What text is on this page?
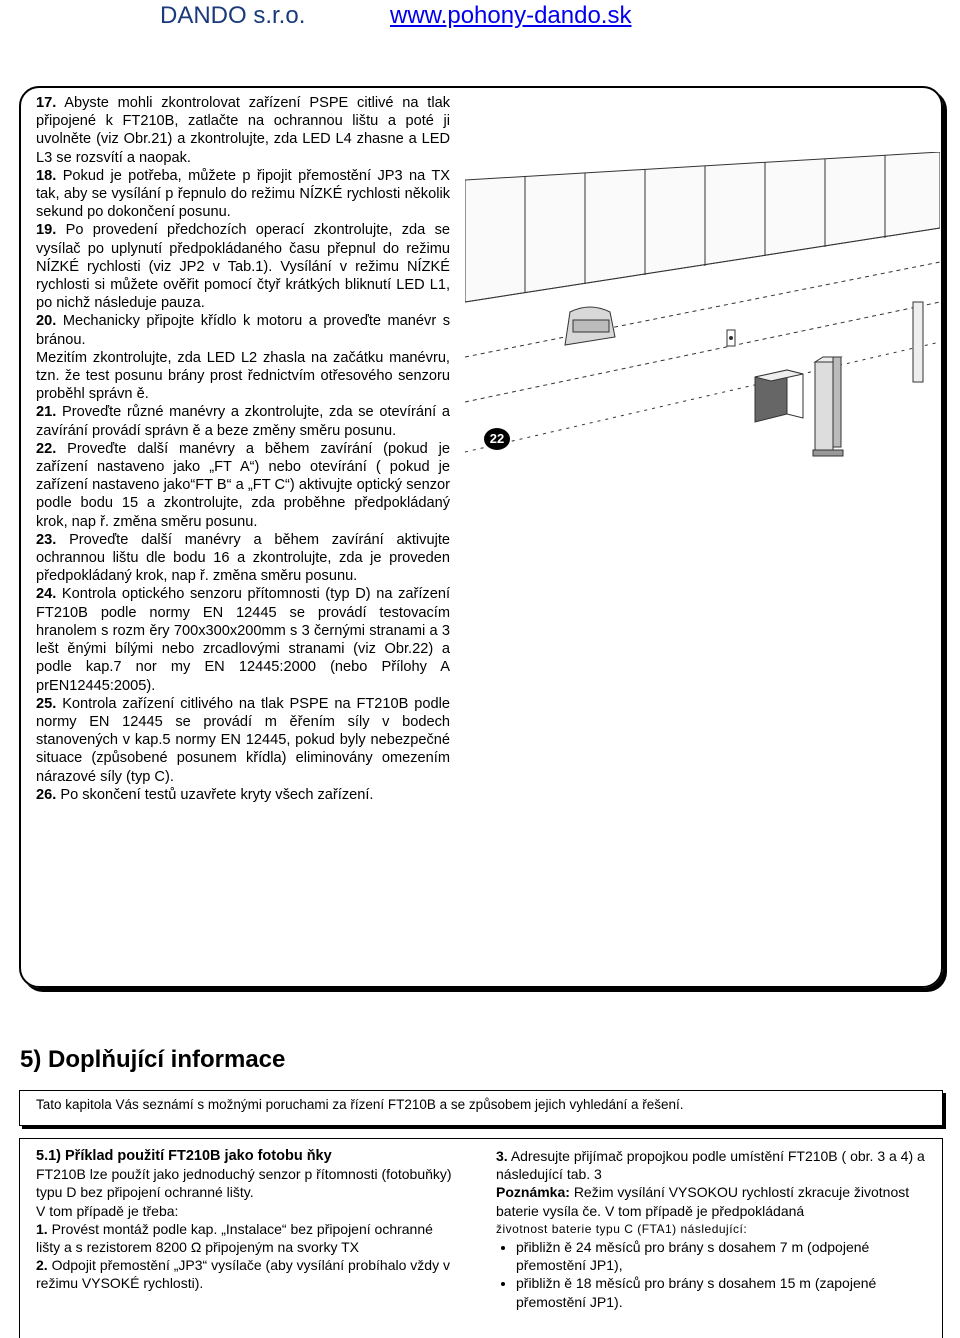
DANDO s.r.o.	www.pohony-dando.sk

17. Abyste mohli zkontrolovat zařízení PSPE citlivé na tlak připojené k FT210B, zatlačte na ochrannou lištu a poté ji uvolněte (viz Obr.21) a zkontrolujte, zda LED L4 zhasne a LED L3 se rozsvítí a naopak.

18. Pokud je potřeba, můžete p řipojit přemostění JP3 na TX tak, aby se vysílání p řepnulo do režimu NÍZKÉ rychlosti několik sekund po dokončení posunu.

19. Po provedení předchozích operací zkontrolujte, zda se vysílač po uplynutí předpokládaného času přepnul do režimu NÍZKÉ rychlosti (viz JP2 v Tab.1). Vysílání v režimu NÍZKÉ rychlosti si můžete ověřit pomocí čtyř krátkých bliknutí LED L1, po nichž následuje pauza.

20. Mechanicky připojte křídlo k motoru a proveďte manévr s bránou.

Mezitím zkontrolujte, zda LED L2 zhasla na začátku manévru, tzn. že test posunu brány prost řednictvím otřesového senzoru proběhl správn ě.

21. Proveďte různé manévry a zkontrolujte, zda se otevírání a zavírání provádí správn ě a beze změny směru posunu.

22. Proveďte další manévry a během zavírání (pokud je zařízení nastaveno jako „FT A“) nebo otevírání ( pokud je zařízení nastaveno jako“FT B“ a „FT C“) aktivujte optický senzor podle bodu 15 a zkontrolujte, zda proběhne předpokládaný krok, nap ř. změna směru posunu.

23. Proveďte další manévry a během zavírání aktivujte ochrannou lištu dle bodu 16 a zkontrolujte, zda je proveden předpokládaný krok, nap ř. změna směru posunu.

24. Kontrola optického senzoru přítomnosti (typ D) na zařízení FT210B podle normy EN 12445 se provádí testovacím hranolem s rozm ěry 700x300x200mm s 3 černými stranami a 3 lešt ěnými bílými nebo zrcadlovými stranami (viz Obr.22) a podle kap.7 nor my EN 12445:2000 (nebo Přílohy A prEN12445:2005).

25. Kontrola zařízení citlivého na tlak PSPE na FT210B podle normy EN 12445 se provádí m ěřením síly v bodech stanovených v kap.5 normy EN 12445, pokud byly nebezpečné situace (způsobené posunem křídla) eliminovány omezením nárazové síly (typ C).

26. Po skončení testů uzavřete kryty všech zařízení.

22
5) Doplňující informace
Tato kapitola Vás seznámí s možnými poruchami za řízení FT210B a se způsobem jejich vyhledání a řešení.

5.1) Příklad použití FT210B jako fotobu ňky

FT210B lze použít jako jednoduchý senzor p řítomnosti (fotobuňky) typu D bez připojení ochranné lišty.

V tom případě je třeba:

1. Provést montáž podle kap. „Instalace“ bez připojení ochranné lišty a s rezistorem 8200 Ω připojeným na svorky TX

2. Odpojit přemostění „JP3“ vysílače (aby vysílání probíhalo vždy v režimu VYSOKÉ rychlosti).

3. Adresujte přijímač propojkou podle umístění FT210B ( obr. 3 a 4) a následující tab. 3

Poznámka: Režim vysílání VYSOKOU rychlostí zkracuje životnost baterie vysíla če. V tom případě je předpokládaná

životnost baterie typu C (FTA1) následující:

• přibližn ě 24 měsíců pro brány s dosahem 7 m (odpojené přemostění JP1),
• přibližn ě 18 měsíců pro brány s dosahem 15 m (zapojené přemostění JP1).
